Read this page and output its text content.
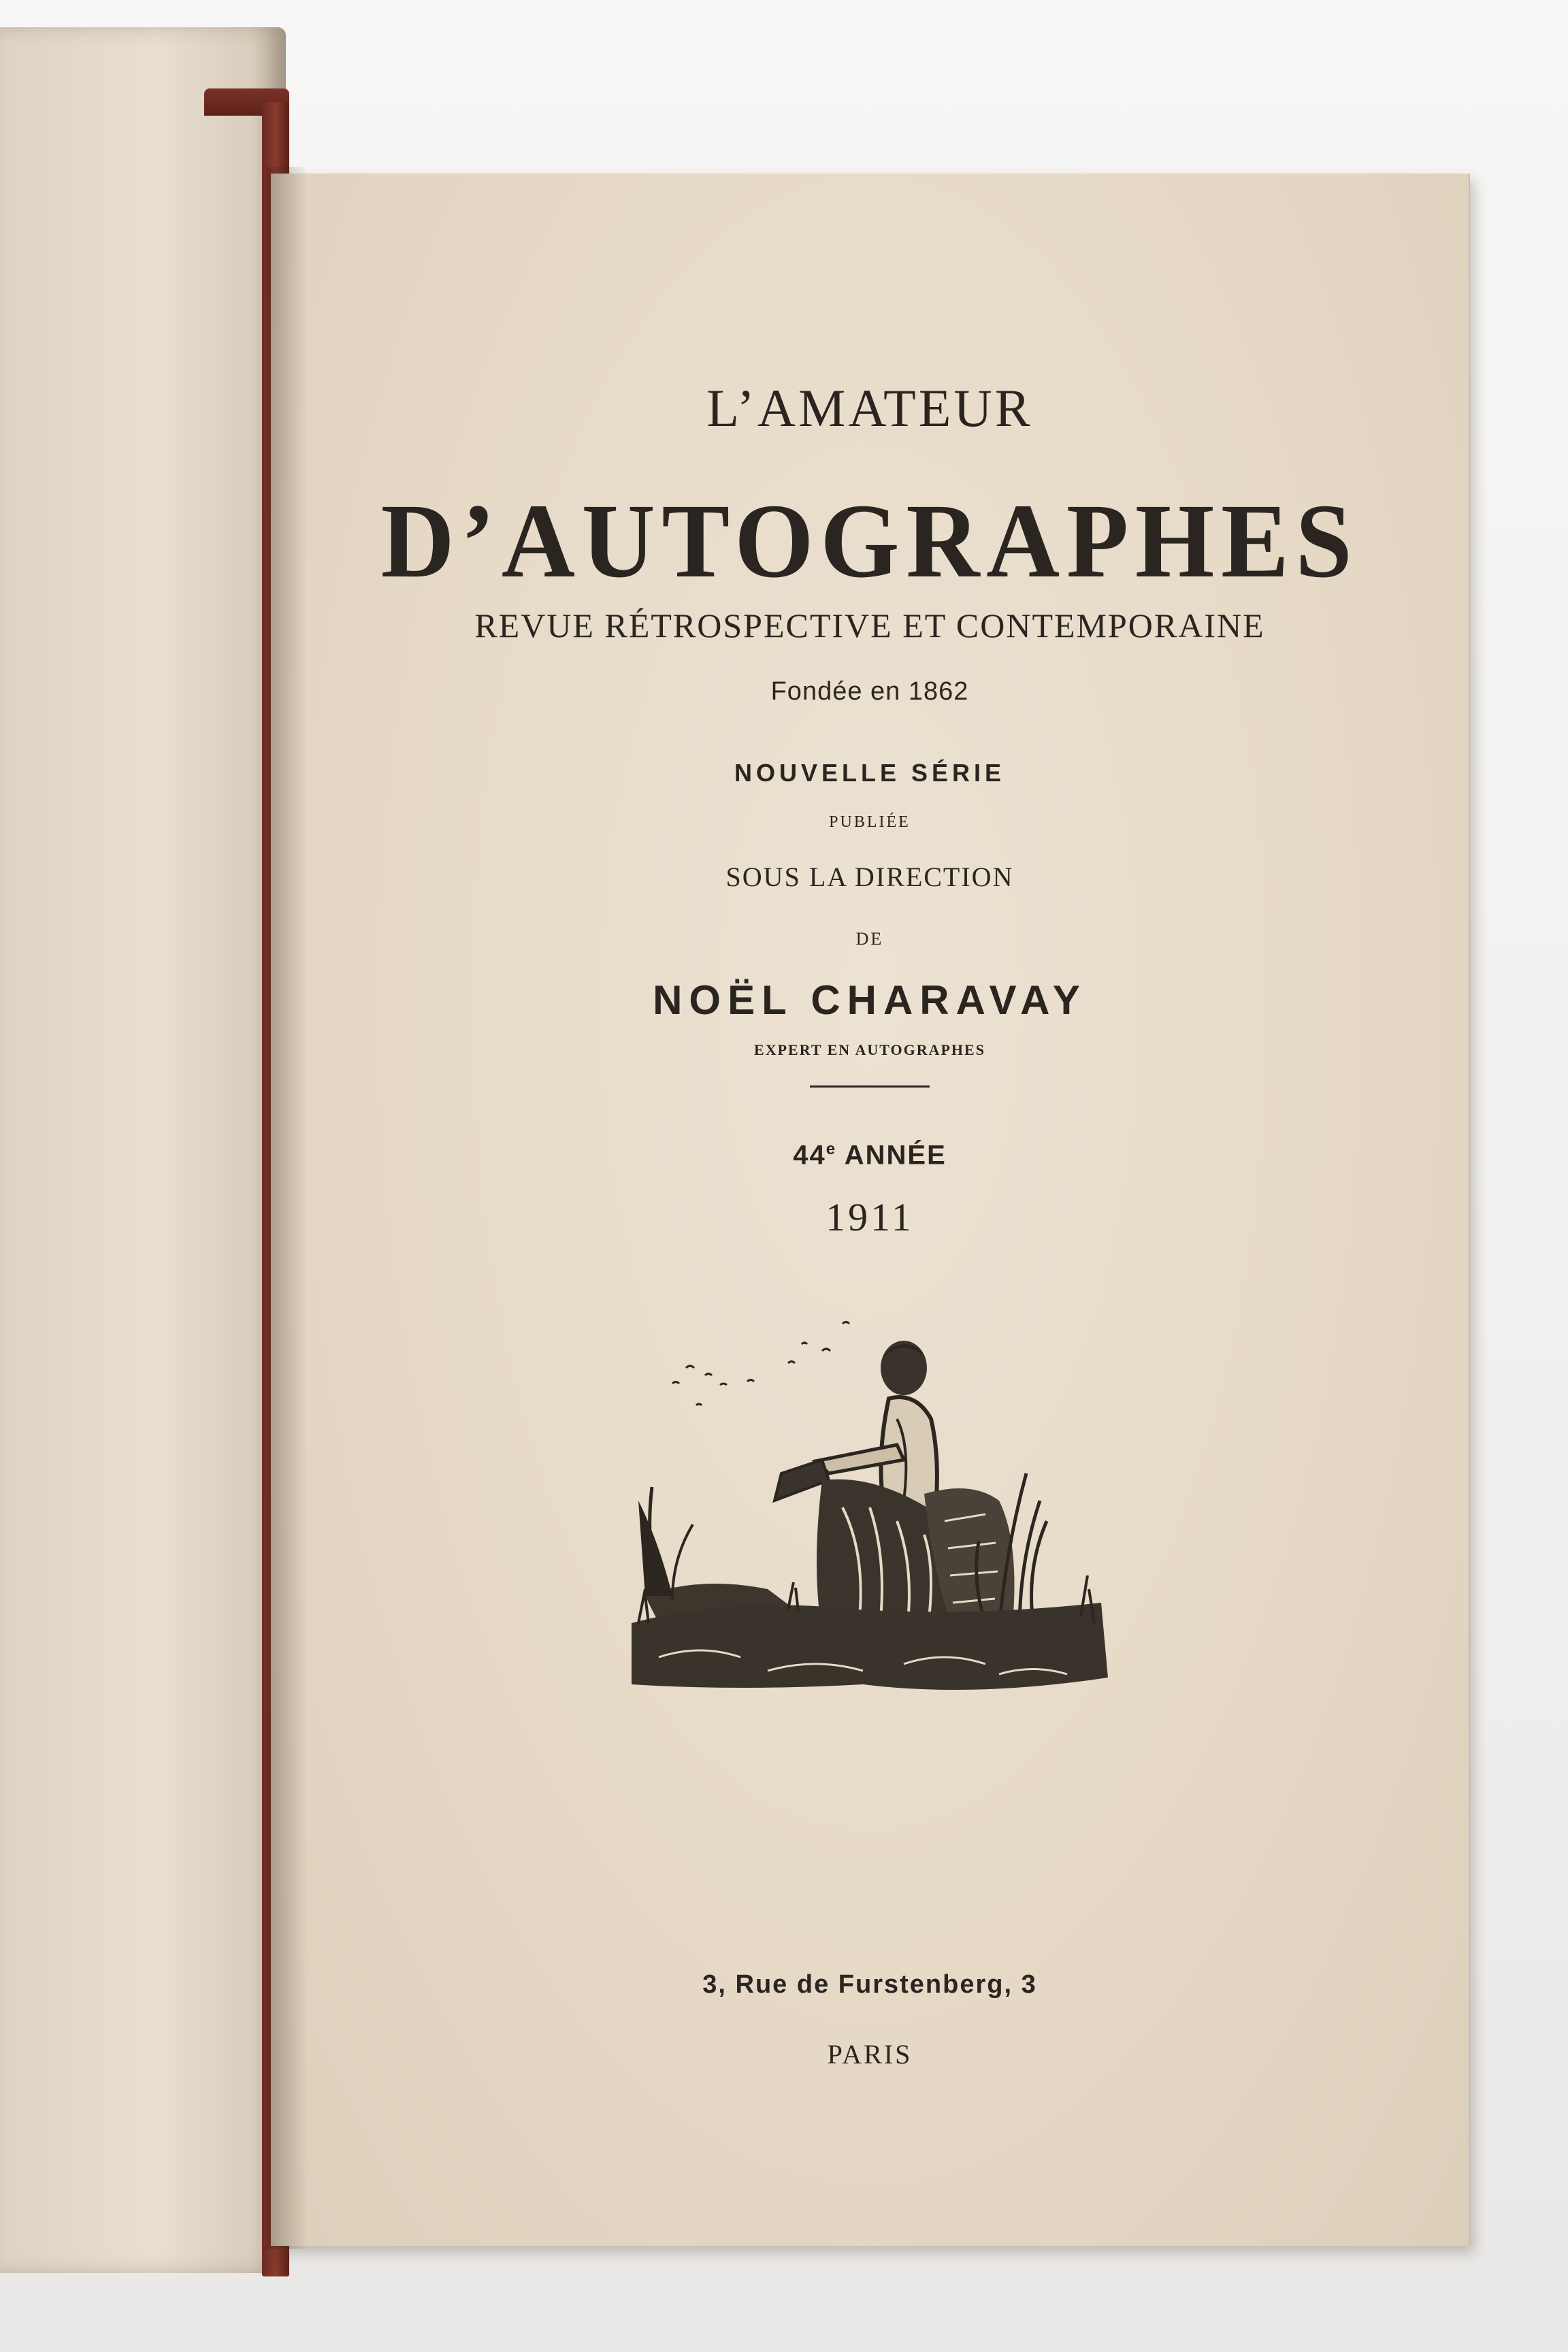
L’AMATEUR
D’AUTOGRAPHES
REVUE RÉTROSPECTIVE ET CONTEMPORAINE
Fondée en 1862
NOUVELLE SÉRIE
PUBLIÉE
SOUS LA DIRECTION
DE
NOËL CHARAVAY
EXPERT EN AUTOGRAPHES
44e ANNÉE
1911
3, Rue de Furstenberg, 3
PARIS
